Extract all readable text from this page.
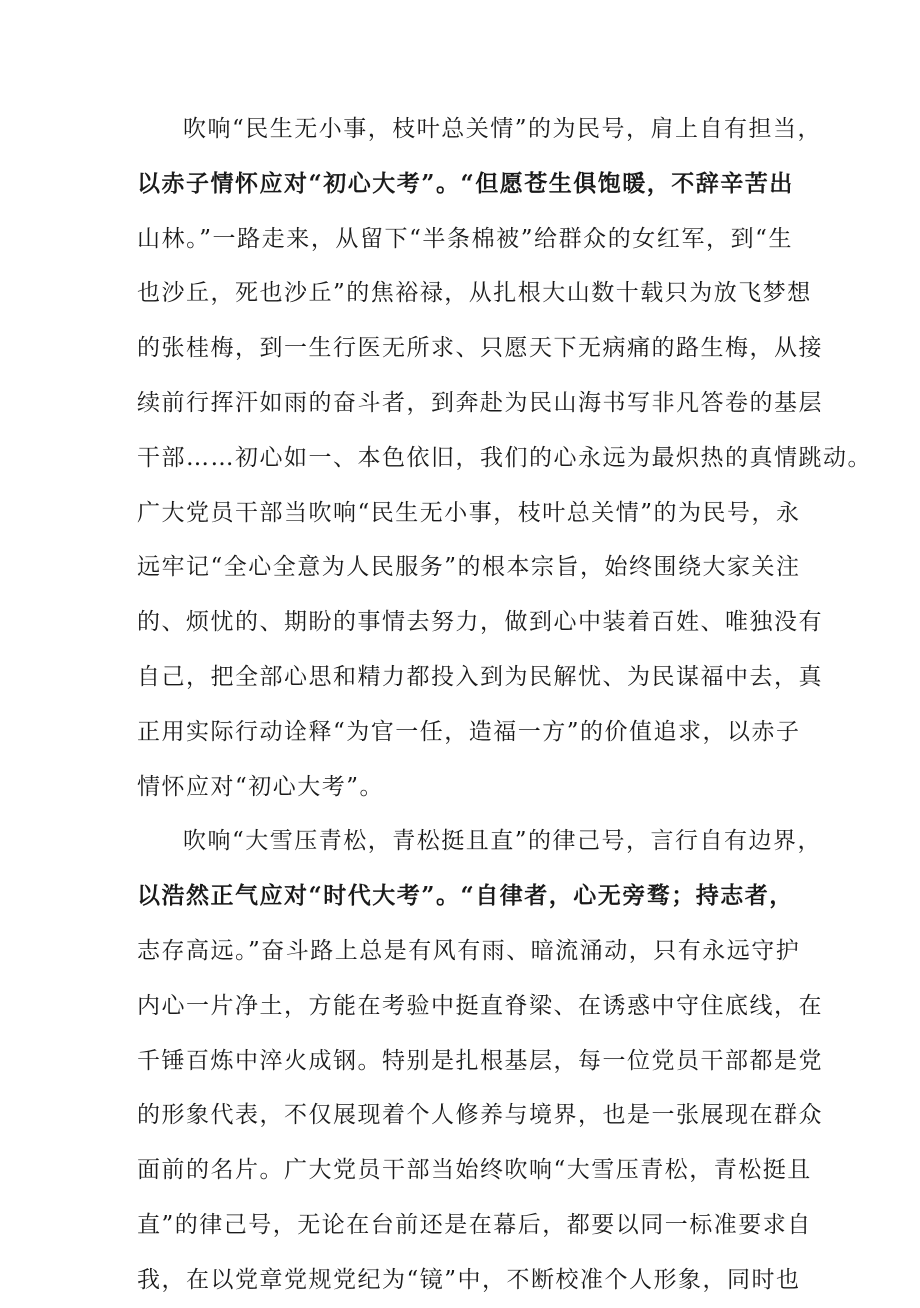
吹响“民生无小事，枝叶总关情”的为民号，肩上自有担当，
以赤子情怀应对“初心大考”。“但愿苍生俱饱暖，不辞辛苦出
山林。”一路走来，从留下“半条棉被”给群众的女红军，到“生
也沙丘，死也沙丘”的焦裕禄，从扎根大山数十载只为放飞梦想
的张桂梅，到一生行医无所求、只愿天下无病痛的路生梅，从接
续前行挥汗如雨的奋斗者，到奔赴为民山海书写非凡答卷的基层
干部……初心如一、本色依旧，我们的心永远为最炽热的真情跳动。
广大党员干部当吹响“民生无小事，枝叶总关情”的为民号，永
远牢记“全心全意为人民服务”的根本宗旨，始终围绕大家关注
的、烦忧的、期盼的事情去努力，做到心中装着百姓、唯独没有
自己，把全部心思和精力都投入到为民解忧、为民谋福中去，真
正用实际行动诠释“为官一任，造福一方”的价值追求，以赤子
情怀应对“初心大考”。
吹响“大雪压青松，青松挺且直”的律己号，言行自有边界，
以浩然正气应对“时代大考”。“自律者，心无旁骛；持志者，
志存高远。”奋斗路上总是有风有雨、暗流涌动，只有永远守护
内心一片净土，方能在考验中挺直脊梁、在诱惑中守住底线，在
千锤百炼中淬火成钢。特别是扎根基层，每一位党员干部都是党
的形象代表，不仅展现着个人修养与境界，也是一张展现在群众
面前的名片。广大党员干部当始终吹响“大雪压青松，青松挺且
直”的律己号，无论在台前还是在幕后，都要以同一标准要求自
我，在以党章党规党纪为“镜”中，不断校准个人形象，同时也
